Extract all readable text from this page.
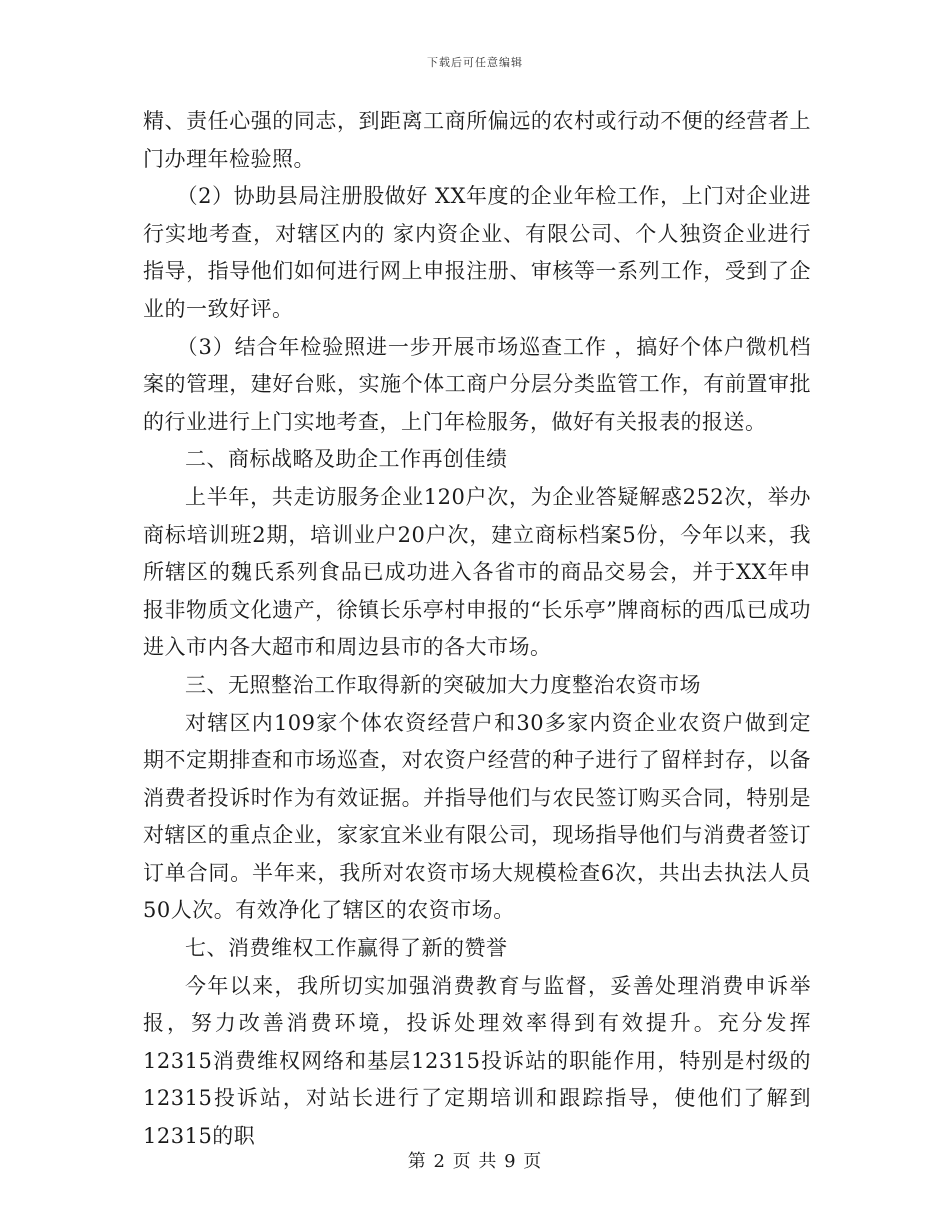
下载后可任意编辑

精、责任心强的同志，到距离工商所偏远的农村或行动不便的经营者上门办理年检验照。

（2）协助县局注册股做好 XX年度的企业年检工作，上门对企业进行实地考查，对辖区内的 家内资企业、有限公司、个人独资企业进行指导，指导他们如何进行网上申报注册、审核等一系列工作，受到了企业的一致好评。

（3）结合年检验照进一步开展市场巡查工作 ，搞好个体户微机档案的管理，建好台账，实施个体工商户分层分类监管工作，有前置审批的行业进行上门实地考查，上门年检服务，做好有关报表的报送。

二、商标战略及助企工作再创佳绩

上半年，共走访服务企业120户次，为企业答疑解惑252次，举办商标培训班2期，培训业户20户次，建立商标档案5份，今年以来，我所辖区的魏氏系列食品已成功进入各省市的商品交易会，并于XX年申报非物质文化遗产，徐镇长乐亭村申报的“长乐亭”牌商标的西瓜已成功进入市内各大超市和周边县市的各大市场。

三、无照整治工作取得新的突破加大力度整治农资市场

对辖区内109家个体农资经营户和30多家内资企业农资户做到定期不定期排查和市场巡查，对农资户经营的种子进行了留样封存，以备消费者投诉时作为有效证据。并指导他们与农民签订购买合同，特别是对辖区的重点企业，家家宜米业有限公司，现场指导他们与消费者签订订单合同。半年来，我所对农资市场大规模检查6次，共出去执法人员50人次。有效净化了辖区的农资市场。

七、消费维权工作赢得了新的赞誉

今年以来，我所切实加强消费教育与监督，妥善处理消费申诉举报，努力改善消费环境，投诉处理效率得到有效提升。充分发挥12315消费维权网络和基层12315投诉站的职能作用，特别是村级的12315投诉站，对站长进行了定期培训和跟踪指导，使他们了解到12315的职

第 2 页 共 9 页
